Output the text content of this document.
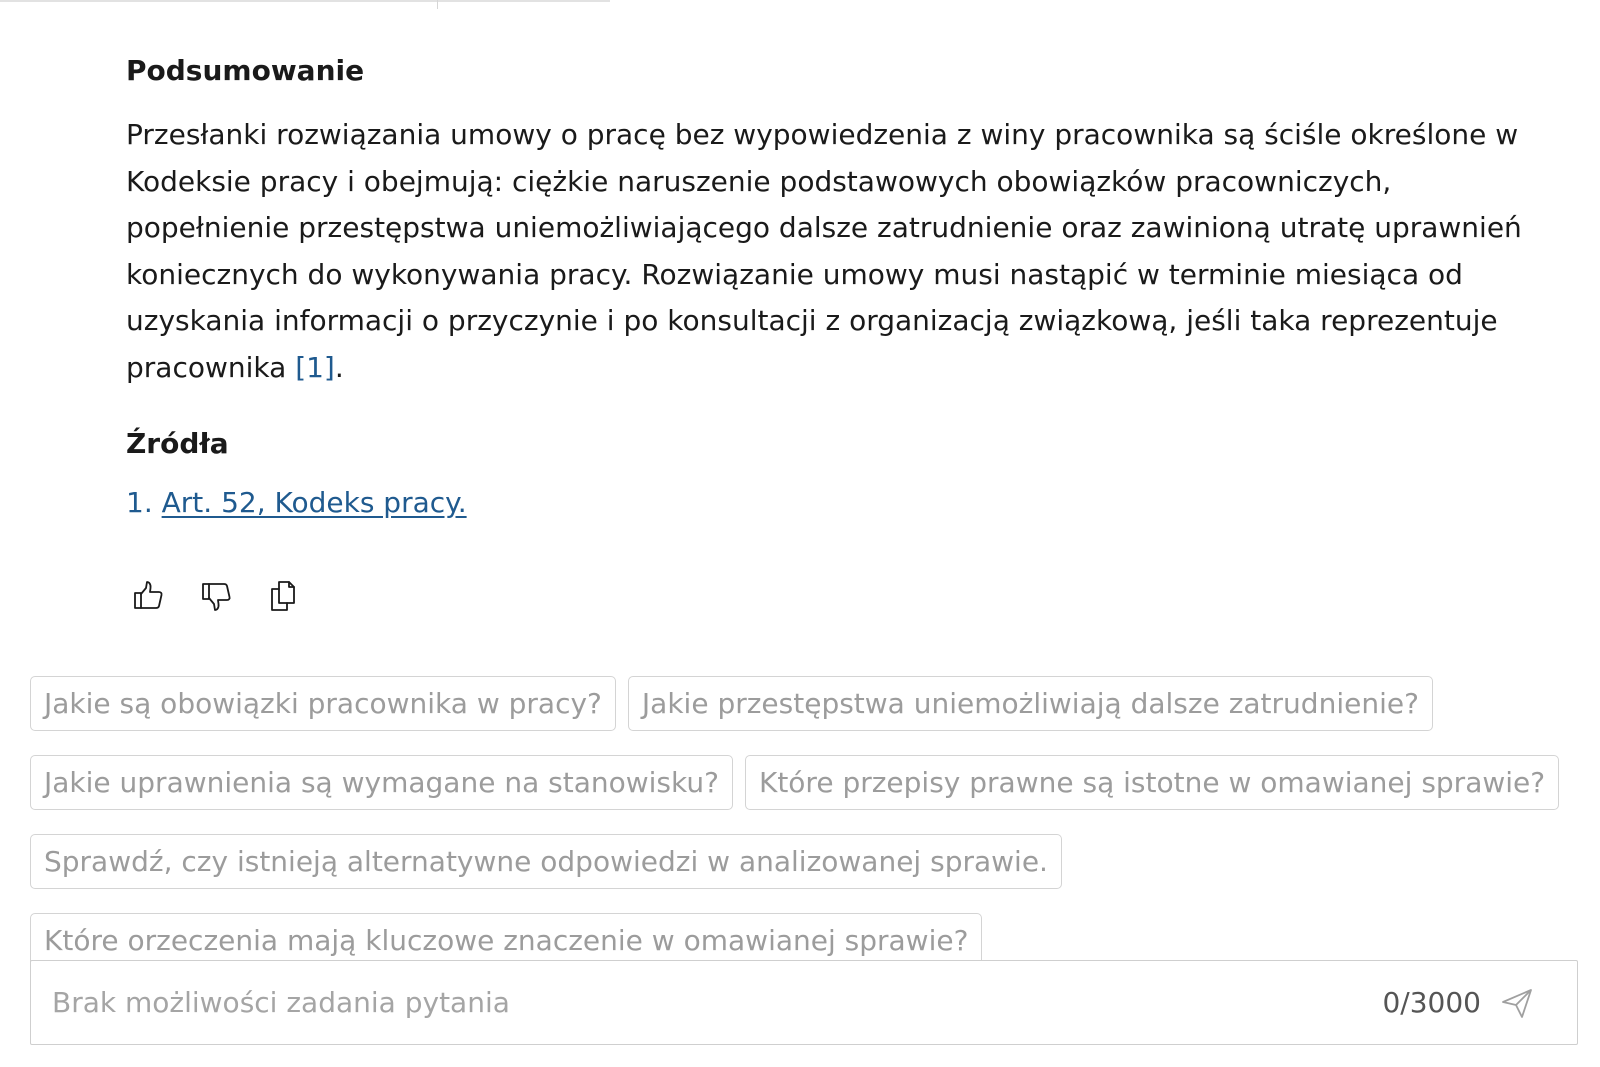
Podsumowanie

Przesłanki rozwiązania umowy o pracę bez wypowiedzenia z winy pracownika są ściśle określone w Kodeksie pracy i obejmują: ciężkie naruszenie podstawowych obowiązków pracowniczych, popełnienie przestępstwa uniemożliwiającego dalsze zatrudnienie oraz zawinioną utratę uprawnień koniecznych do wykonywania pracy. Rozwiązanie umowy musi nastąpić w terminie miesiąca od uzyskania informacji o przyczynie i po konsultacji z organizacją związkową, jeśli taka reprezentuje pracownika [1].

Źródła
1. Art. 52, Kodeks pracy.
Jakie są obowiązki pracownika w pracy?	Jakie przestępstwa uniemożliwiają dalsze zatrudnienie?
Jakie uprawnienia są wymagane na stanowisku?	Które przepisy prawne są istotne w omawianej sprawie?
Sprawdź, czy istnieją alternatywne odpowiedzi w analizowanej sprawie.
Które orzeczenia mają kluczowe znaczenie w omawianej sprawie?
Brak możliwości zadania pytania
0/3000
